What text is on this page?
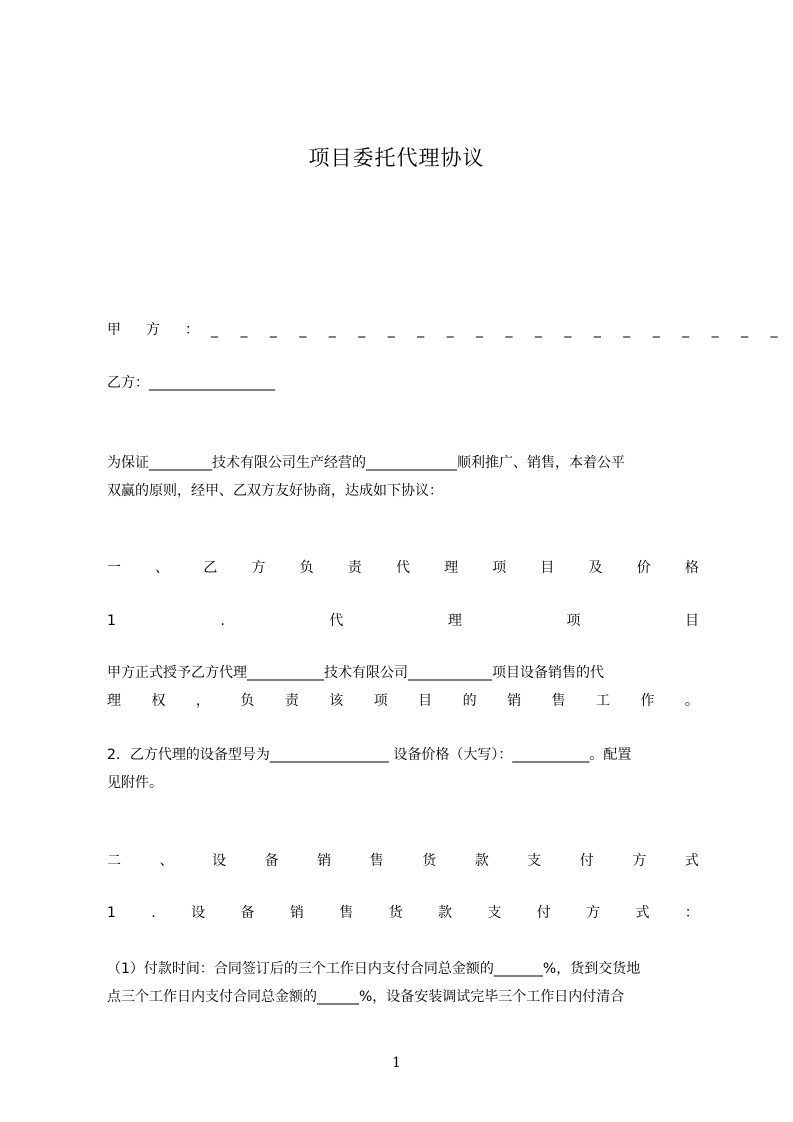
项目委托代理协议
甲 方 ： _ _ _ _ _ _ _ _ _ _ _ _ _ _ _ _ _ _ _ _
乙方：__________________
为保证_________技术有限公司生产经营的_____________顺利推广、销售，本着公平
双赢的原则，经甲、乙双方友好协商，达成如下协议：
一 、 乙 方 负 责 代 理 项 目 及 价 格
1	.	代	理	项	目
甲方正式授予乙方代理___________技术有限公司____________项目设备销售的代
理 权 ， 负 责 该 项 目 的 销 售 工 作 。
2．乙方代理的设备型号为_________________ 设备价格（大写）：___________。配置
见附件。
二	、	设	备	销	售	货	款	支	付	方	式
1	.	设	备	销	售	货	款	支	付	方	式	：
（1）付款时间：合同签订后的三个工作日内支付合同总金额的_______%，货到交货地
点三个工作日内支付合同总金额的______%，设备安装调试完毕三个工作日内付清合
1
